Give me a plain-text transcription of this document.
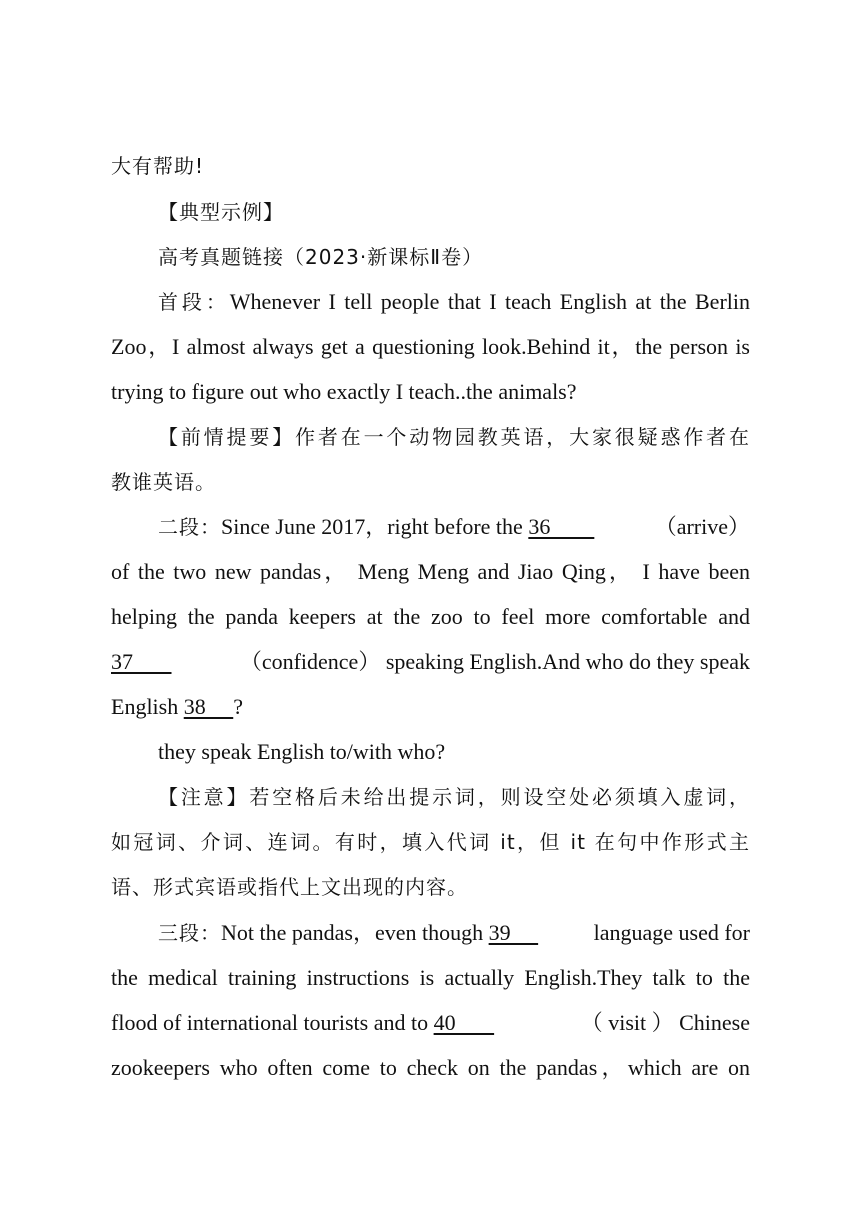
大有帮助!
【典型示例】
高考真题链接（2023·新课标Ⅱ卷）
首段：Whenever I tell people that I teach English at the Berlin
Zoo，I almost always get a questioning look.Behind it，the person is
trying to figure out who exactly I teach..the animals?
【前情提要】作者在一个动物园教英语，大家很疑惑作者在
教谁英语。
二段：Since June 2017，right before the 36	（arrive）
of the two new pandas， Meng Meng and Jiao Qing， I have been
helping the panda keepers at the zoo to feel more comfortable and
37	（confidence） speaking English.And who do they speak
English 38     ?
they speak English to/with who?
【注意】若空格后未给出提示词，则设空处必须填入虚词，
如冠词、介词、连词。有时，填入代词 it，但 it 在句中作形式主
语、形式宾语或指代上文出现的内容。
三段：Not the pandas，even though 39	language used for
the medical training instructions is actually English.They talk to the
flood of international tourists and to 40	（ visit ） Chinese
zookeepers who often come to check on the pandas，which are on
